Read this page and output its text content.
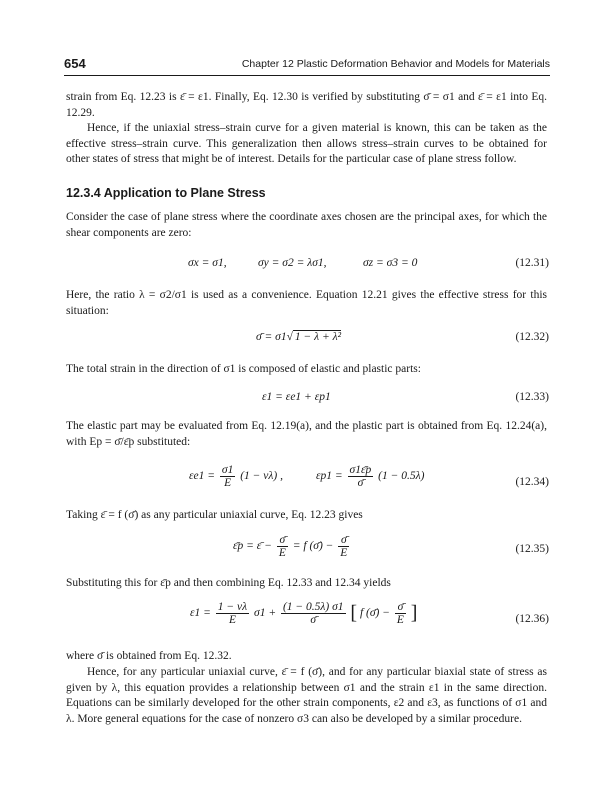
654	Chapter 12 Plastic Deformation Behavior and Models for Materials

strain from Eq. 12.23 is ε̄ = ε1. Finally, Eq. 12.30 is verified by substituting σ̄ = σ1 and ε̄ = ε1 into Eq. 12.29.

Hence, if the uniaxial stress–strain curve for a given material is known, this can be taken as the effective stress–strain curve. This generalization then allows stress–strain curves to be obtained for other states of stress that might be of interest. Details for the particular case of plane stress follow.

12.3.4 Application to Plane Stress

Consider the case of plane stress where the coordinate axes chosen are the principal axes, for which the shear components are zero:

σx = σ1,	σy = σ2 = λσ1,	σz = σ3 = 0	(12.31)

Here, the ratio λ = σ2/σ1 is used as a convenience. Equation 12.21 gives the effective stress for this situation:

σ̄ = σ1√ 1 − λ + λ²	(12.32)

The total strain in the direction of σ1 is composed of elastic and plastic parts:

ε1 = εe1 + εp1	(12.33)

The elastic part may be evaluated from Eq. 12.19(a), and the plastic part is obtained from Eq. 12.24(a), with Ep = σ̄/ε̄p substituted:

$\varepsilon e1 = \frac{\sigma 1}{E} (1 - \nu\lambda)$ ,	$\varepsilon p1 = \frac{\sigma 1\varepsilon̄p}{\sigmā} (1 - 0.5\lambda)$	(12.34)

Taking ε̄ = f (σ̄) as any particular uniaxial curve, Eq. 12.23 gives

ε̄p = ε̄ − $\frac{\sigmā}{E} = f$ (σ̄) − $\frac{\sigmā}{E}$	(12.35)

Substituting this for ε̄p and then combining Eq. 12.33 and 12.34 yields

$\varepsilon 1 = \frac{1 - \nu\lambda}{E} \sigma 1 + \frac{(1 - 0.5\lambda) \sigma 1}{\sigmā}$ [ f (σ̄) − $\frac{\sigmā}{E}$ ]	(12.36)

where σ̄ is obtained from Eq. 12.32.

Hence, for any particular uniaxial curve, ε̄ = f (σ̄), and for any particular biaxial state of stress as given by λ, this equation provides a relationship between σ1 and the strain ε1 in the same direction. Equations can be similarly developed for the other strain components, ε2 and ε3, as functions of σ1 and λ. More general equations for the case of nonzero σ3 can also be developed by a similar procedure.
